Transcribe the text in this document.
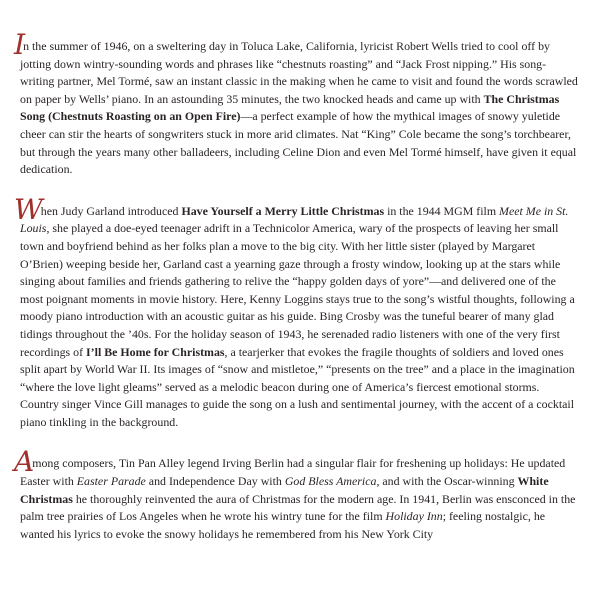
In the summer of 1946, on a sweltering day in Toluca Lake, California, lyricist Robert Wells tried to cool off by jotting down wintry-sounding words and phrases like “chestnuts roasting” and “Jack Frost nipping.” His song-writing partner, Mel Tormé, saw an instant classic in the making when he came to visit and found the words scrawled on paper by Wells’ piano. In an astounding 35 minutes, the two knocked heads and came up with The Christmas Song (Chestnuts Roasting on an Open Fire)—a perfect example of how the mythical images of snowy yuletide cheer can stir the hearts of songwriters stuck in more arid climates. Nat “King” Cole became the song’s torchbearer, but through the years many other balladeers, including Celine Dion and even Mel Tormé himself, have given it equal dedication.

When Judy Garland introduced Have Yourself a Merry Little Christmas in the 1944 MGM film Meet Me in St. Louis, she played a doe-eyed teenager adrift in a Technicolor America, wary of the prospects of leaving her small town and boyfriend behind as her folks plan a move to the big city. With her little sister (played by Margaret O’Brien) weeping beside her, Garland cast a yearning gaze through a frosty window, looking up at the stars while singing about families and friends gathering to relive the “happy golden days of yore”—and delivered one of the most poignant moments in movie history. Here, Kenny Loggins stays true to the song’s wistful thoughts, following a moody piano introduction with an acoustic guitar as his guide. Bing Crosby was the tuneful bearer of many glad tidings throughout the ’40s. For the holiday season of 1943, he serenaded radio listeners with one of the very first recordings of I’ll Be Home for Christmas, a tearjerker that evokes the fragile thoughts of soldiers and loved ones split apart by World War II. Its images of “snow and mistletoe,” “presents on the tree” and a place in the imagination “where the love light gleams” served as a melodic beacon during one of America’s fiercest emotional storms. Country singer Vince Gill manages to guide the song on a lush and sentimental journey, with the accent of a cocktail piano tinkling in the background.

Among composers, Tin Pan Alley legend Irving Berlin had a singular flair for freshening up holidays: He updated Easter with Easter Parade and Independence Day with God Bless America, and with the Oscar-winning White Christmas he thoroughly reinvented the aura of Christmas for the modern age. In 1941, Berlin was ensconced in the palm tree prairies of Los Angeles when he wrote his wintry tune for the film Holiday Inn; feeling nostalgic, he wanted his lyrics to evoke the snowy holidays he remembered from his New York City
